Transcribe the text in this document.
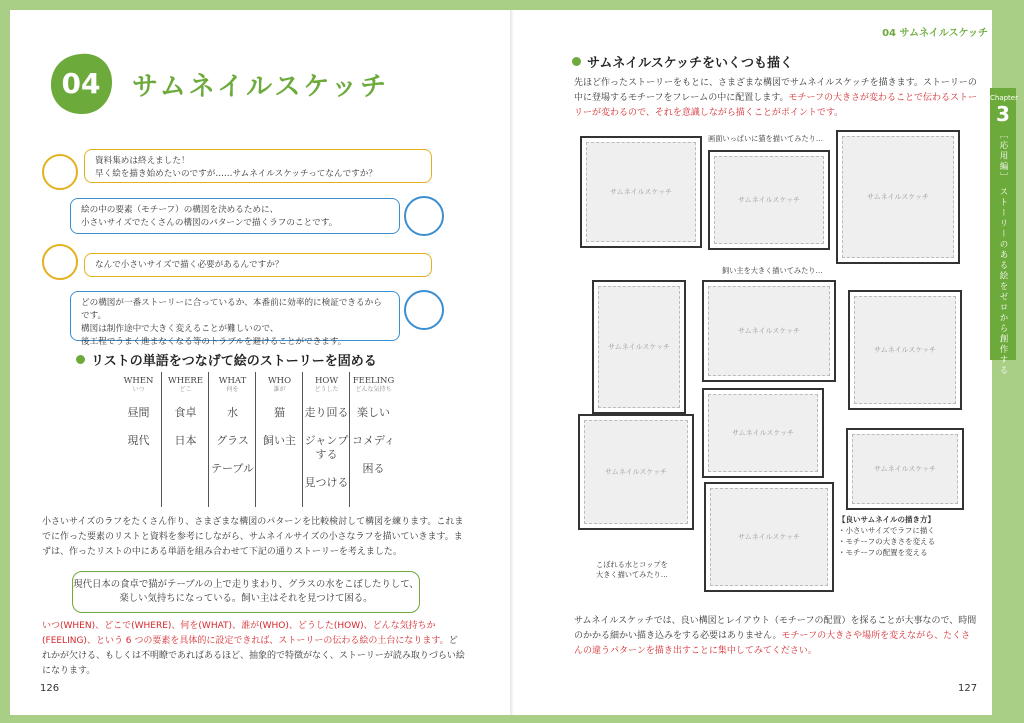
04	サムネイルスケッチ
資料集めは終えました！
早く絵を描き始めたいのですが……サムネイルスケッチってなんですか？
絵の中の要素（モチーフ）の構図を決めるために、
小さいサイズでたくさんの構図のパターンで描くラフのことです。
なんで小さいサイズで描く必要があるんですか？
どの構図が一番ストーリーに合っているか、本番前に効率的に検証できるからです。
構図は制作途中で大きく変えることが難しいので、
後工程でうまく進まなくなる等のトラブルを避けることができます。
リストの単語をつなげて絵のストーリーを固める
WHEN
いつ
昼間
現代
WHERE
どこ
食卓
日本
WHAT
何を
水
グラス
テーブル
WHO
誰が
猫
飼い主
HOW
どうした
走り回る
ジャンプする
見つける
FEELING
どんな気持ち
楽しい
コメディ
困る
小さいサイズのラフをたくさん作り、さまざまな構図のパターンを比較検討して構図を練ります。これまでに作った要素のリストと資料を参考にしながら、サムネイルサイズの小さなラフを描いていきます。まずは、作ったリストの中にある単語を組み合わせて下記の通りストーリーを考えました。
現代日本の食卓で猫がテーブルの上で走りまわり、グラスの水をこぼしたりして、
楽しい気持ちになっている。飼い主はそれを見つけて困る。
いつ(WHEN)、どこで(WHERE)、何を(WHAT)、誰が(WHO)、どうした(HOW)、どんな気持ちか(FEELING)、という 6 つの要素を具体的に設定できれば、ストーリーの伝わる絵の土台になります。どれかが欠ける、もしくは不明瞭であればあるほど、抽象的で特徴がなく、ストーリーが読み取りづらい絵になります。
126
04 サムネイルスケッチ
Chapter
3
［応用編］
ストーリーのある絵をゼロから創作する
サムネイルスケッチをいくつも描く
先ほど作ったストーリーをもとに、さまざまな構図でサムネイルスケッチを描きます。ストーリーの中に登場するモチーフをフレームの中に配置します。モチーフの大きさが変わることで伝わるストーリーが変わるので、それを意識しながら描くことがポイントです。
サムネイルスケッチ
サムネイルスケッチ	サムネイルスケッチ
サムネイルスケッチ
サムネイルスケッチ
サムネイルスケッチ
サムネイルスケッチ
サムネイルスケッチ
サムネイルスケッチ
サムネイルスケッチ
画面いっぱいに猫を描いてみたり…
飼い主を大きく描いてみたり…
こぼれる水とコップを
大きく描いてみたり…
【良いサムネイルの描き方】
・小さいサイズでラフに描く
・モチーフの大きさを変える
・モチーフの配置を変える
サムネイルスケッチでは、良い構図とレイアウト（モチーフの配置）を探ることが大事なので、時間のかかる細かい描き込みをする必要はありません。モチーフの大きさや場所を変えながら、たくさんの違うパターンを描き出すことに集中してみてください。
127
